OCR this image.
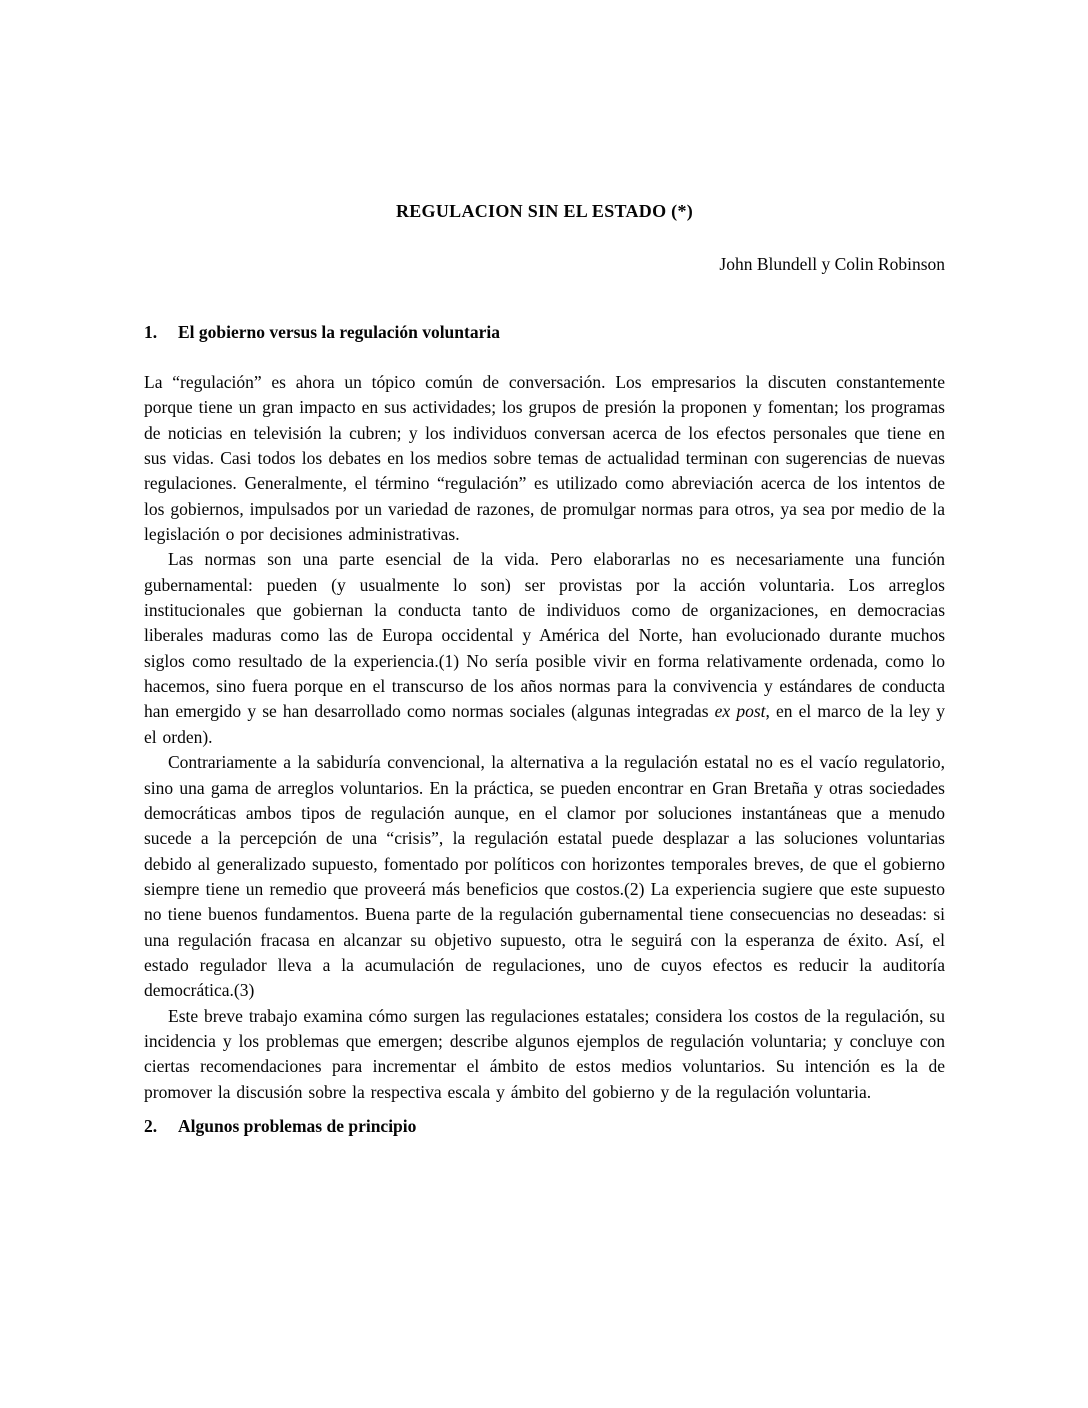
REGULACION SIN EL ESTADO (*)
John Blundell y Colin Robinson
1. El gobierno versus la regulación voluntaria

La “regulación” es ahora un tópico común de conversación. Los empresarios la discuten constantemente porque tiene un gran impacto en sus actividades; los grupos de presión la proponen y fomentan; los programas de noticias en televisión la cubren; y los individuos conversan acerca de los efectos personales que tiene en sus vidas. Casi todos los debates en los medios sobre temas de actualidad terminan con sugerencias de nuevas regulaciones. Generalmente, el término “regulación” es utilizado como abreviación acerca de los intentos de los gobiernos, impulsados por un variedad de razones, de promulgar normas para otros, ya sea por medio de la legislación o por decisiones administrativas.

Las normas son una parte esencial de la vida. Pero elaborarlas no es necesariamente una función gubernamental: pueden (y usualmente lo son) ser provistas por la acción voluntaria. Los arreglos institucionales que gobiernan la conducta tanto de individuos como de organizaciones, en democracias liberales maduras como las de Europa occidental y América del Norte, han evolucionado durante muchos siglos como resultado de la experiencia.(1) No sería posible vivir en forma relativamente ordenada, como lo hacemos, sino fuera porque en el transcurso de los años normas para la convivencia y estándares de conducta han emergido y se han desarrollado como normas sociales (algunas integradas ex post, en el marco de la ley y el orden).

Contrariamente a la sabiduría convencional, la alternativa a la regulación estatal no es el vacío regulatorio, sino una gama de arreglos voluntarios. En la práctica, se pueden encontrar en Gran Bretaña y otras sociedades democráticas ambos tipos de regulación aunque, en el clamor por soluciones instantáneas que a menudo sucede a la percepción de una “crisis”, la regulación estatal puede desplazar a las soluciones voluntarias debido al generalizado supuesto, fomentado por políticos con horizontes temporales breves, de que el gobierno siempre tiene un remedio que proveerá más beneficios que costos.(2) La experiencia sugiere que este supuesto no tiene buenos fundamentos. Buena parte de la regulación gubernamental tiene consecuencias no deseadas: si una regulación fracasa en alcanzar su objetivo supuesto, otra le seguirá con la esperanza de éxito. Así, el estado regulador lleva a la acumulación de regulaciones, uno de cuyos efectos es reducir la auditoría democrática.(3)

Este breve trabajo examina cómo surgen las regulaciones estatales; considera los costos de la regulación, su incidencia y los problemas que emergen; describe algunos ejemplos de regulación voluntaria; y concluye con ciertas recomendaciones para incrementar el ámbito de estos medios voluntarios. Su intención es la de promover la discusión sobre la respectiva escala y ámbito del gobierno y de la regulación voluntaria.

2. Algunos problemas de principio
